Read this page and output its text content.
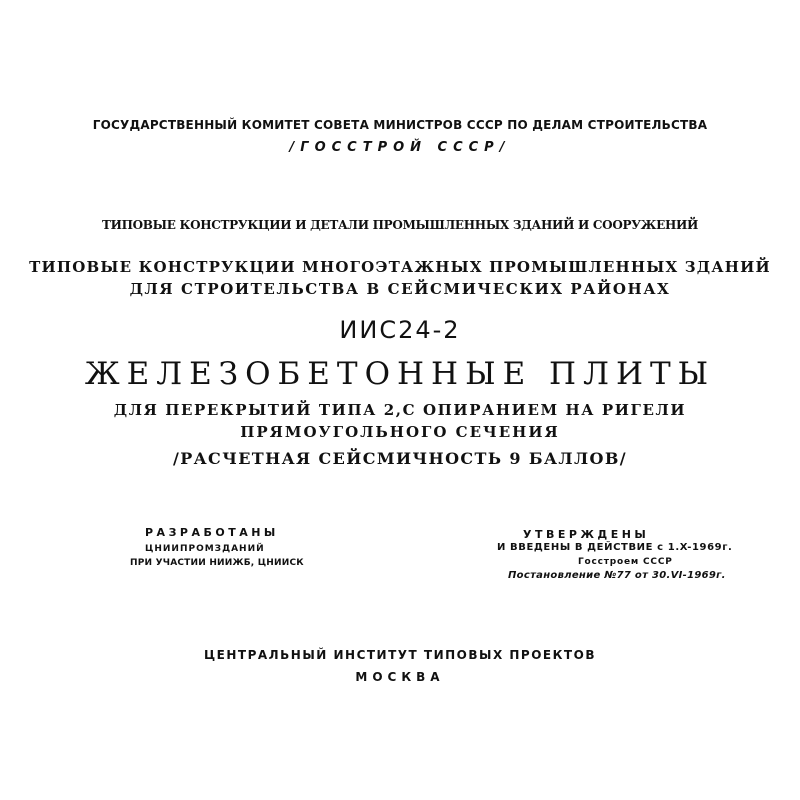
ГОСУДАРСТВЕННЫЙ КОМИТЕТ СОВЕТА МИНИСТРОВ СССР ПО ДЕЛАМ СТРОИТЕЛЬСТВА
/ГОССТРОЙ СССР/
ТИПОВЫЕ КОНСТРУКЦИИ И ДЕТАЛИ ПРОМЫШЛЕННЫХ ЗДАНИЙ И СООРУЖЕНИЙ
ТИПОВЫЕ КОНСТРУКЦИИ МНОГОЭТАЖНЫХ ПРОМЫШЛЕННЫХ ЗДАНИЙ
ДЛЯ СТРОИТЕЛЬСТВА В СЕЙСМИЧЕСКИХ РАЙОНАХ
ИИС24-2
ЖЕЛЕЗОБЕТОННЫЕ ПЛИТЫ
ДЛЯ ПЕРЕКРЫТИЙ ТИПА 2,С ОПИРАНИЕМ НА РИГЕЛИ
ПРЯМОУГОЛЬНОГО СЕЧЕНИЯ
/РАСЧЕТНАЯ СЕЙСМИЧНОСТЬ 9 БАЛЛОВ/
РАЗРАБОТАНЫ
ЦНИИПРОМЗДАНИЙ
ПРИ УЧАСТИИ НИИЖБ, ЦНИИСК
УТВЕРЖДЕНЫ
И ВВЕДЕНЫ В ДЕЙСТВИЕ с 1.X-1969г.
Госстроем СССР
Постановление №77 от 30.VI-1969г.
ЦЕНТРАЛЬНЫЙ ИНСТИТУТ ТИПОВЫХ ПРОЕКТОВ
МОСКВА
